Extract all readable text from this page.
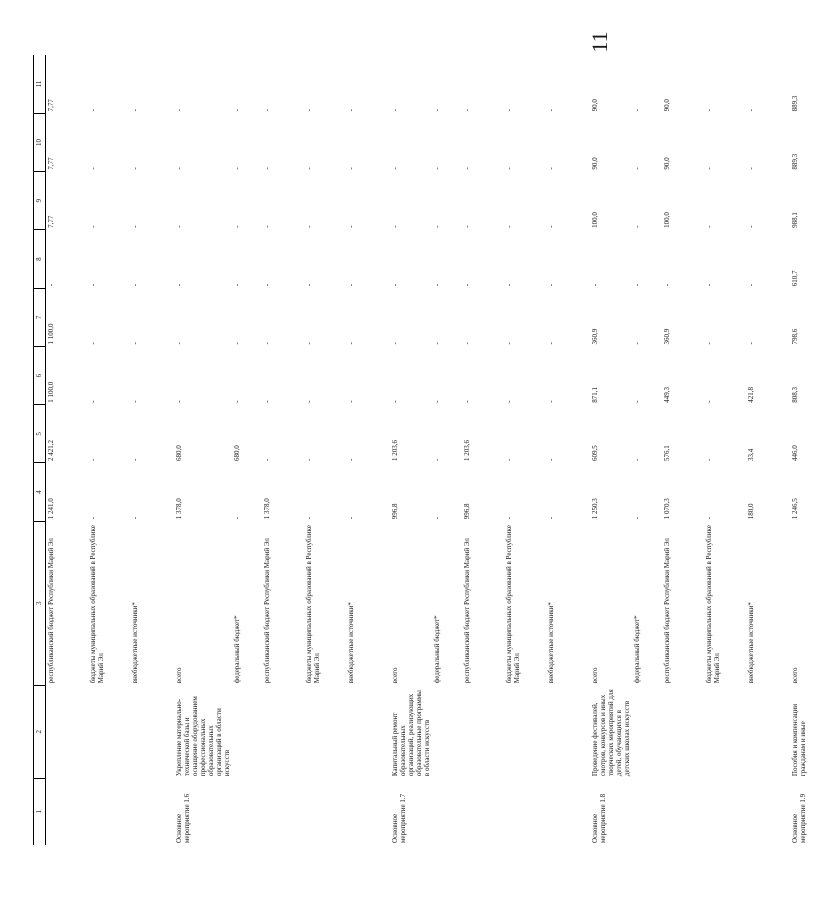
11
1	2	3	4	5	6	7	8	9	10	11
		республиканский бюджет Республики Марий Эл	1 241,0	2 421,2	1 100,0	1 100,0	-	7,77	7,77	7,77
		бюджеты муниципальных образований в Республике Марий Эл	-	-	-	-	-	-	-	-
		внебюджетные источники*	-	-	-	-	-	-	-	-

Основное мероприятие 1.6	Укрепление материально-технической базы и оснащение оборудованием профессиональных образовательных организаций в области искусств	всего	1 378,0	680,0	-	-	-	-	-	-
		федеральный бюджет*	-	680,0	-	-	-	-	-	-
		республиканский бюджет Республики Марий Эл	1 378,0	-	-	-	-	-	-	-
		бюджеты муниципальных образований в Республике Марий Эл	-	-	-	-	-	-	-	-
		внебюджетные источники*	-	-	-	-	-	-	-	-

Основное мероприятие 1.7	Капитальный ремонт образовательных организаций, реализующих образовательные программы в области искусств	всего	996,8	1 203,6	-	-	-	-	-	-
		федеральный бюджет*	-	-	-	-	-	-	-	-
		республиканский бюджет Республики Марий Эл	996,8	1 203,6	-	-	-	-	-	-
		бюджеты муниципальных образований в Республике Марий Эл	-	-	-	-	-	-	-	-
		внебюджетные источники*	-	-	-	-	-	-	-	-

Основное мероприятие 1.8	Проведение фестивалей, смотров, конкурсов и иных творческих мероприятий для детей, обучающихся в детских школах искусств	всего	1 250,3	609,5	871,1	360,9	-	100,0	90,0	90,0
		федеральный бюджет*	-	-	-	-	-	-	-	-
		республиканский бюджет Республики Марий Эл	1 070,3	576,1	449,3	360,9	-	100,0	90,0	90,0
		бюджеты муниципальных образований в Республике Марий Эл	-	-	-	-	-	-	-	-
		внебюджетные источники*	180,0	33,4	421,8	-	-	-	-	-

Основное мероприятие 1.9	Пособия и компенсации гражданам и иные	всего	1 246,5	446,0	808,3	798,6	610,7	988,1	889,3	889,3
